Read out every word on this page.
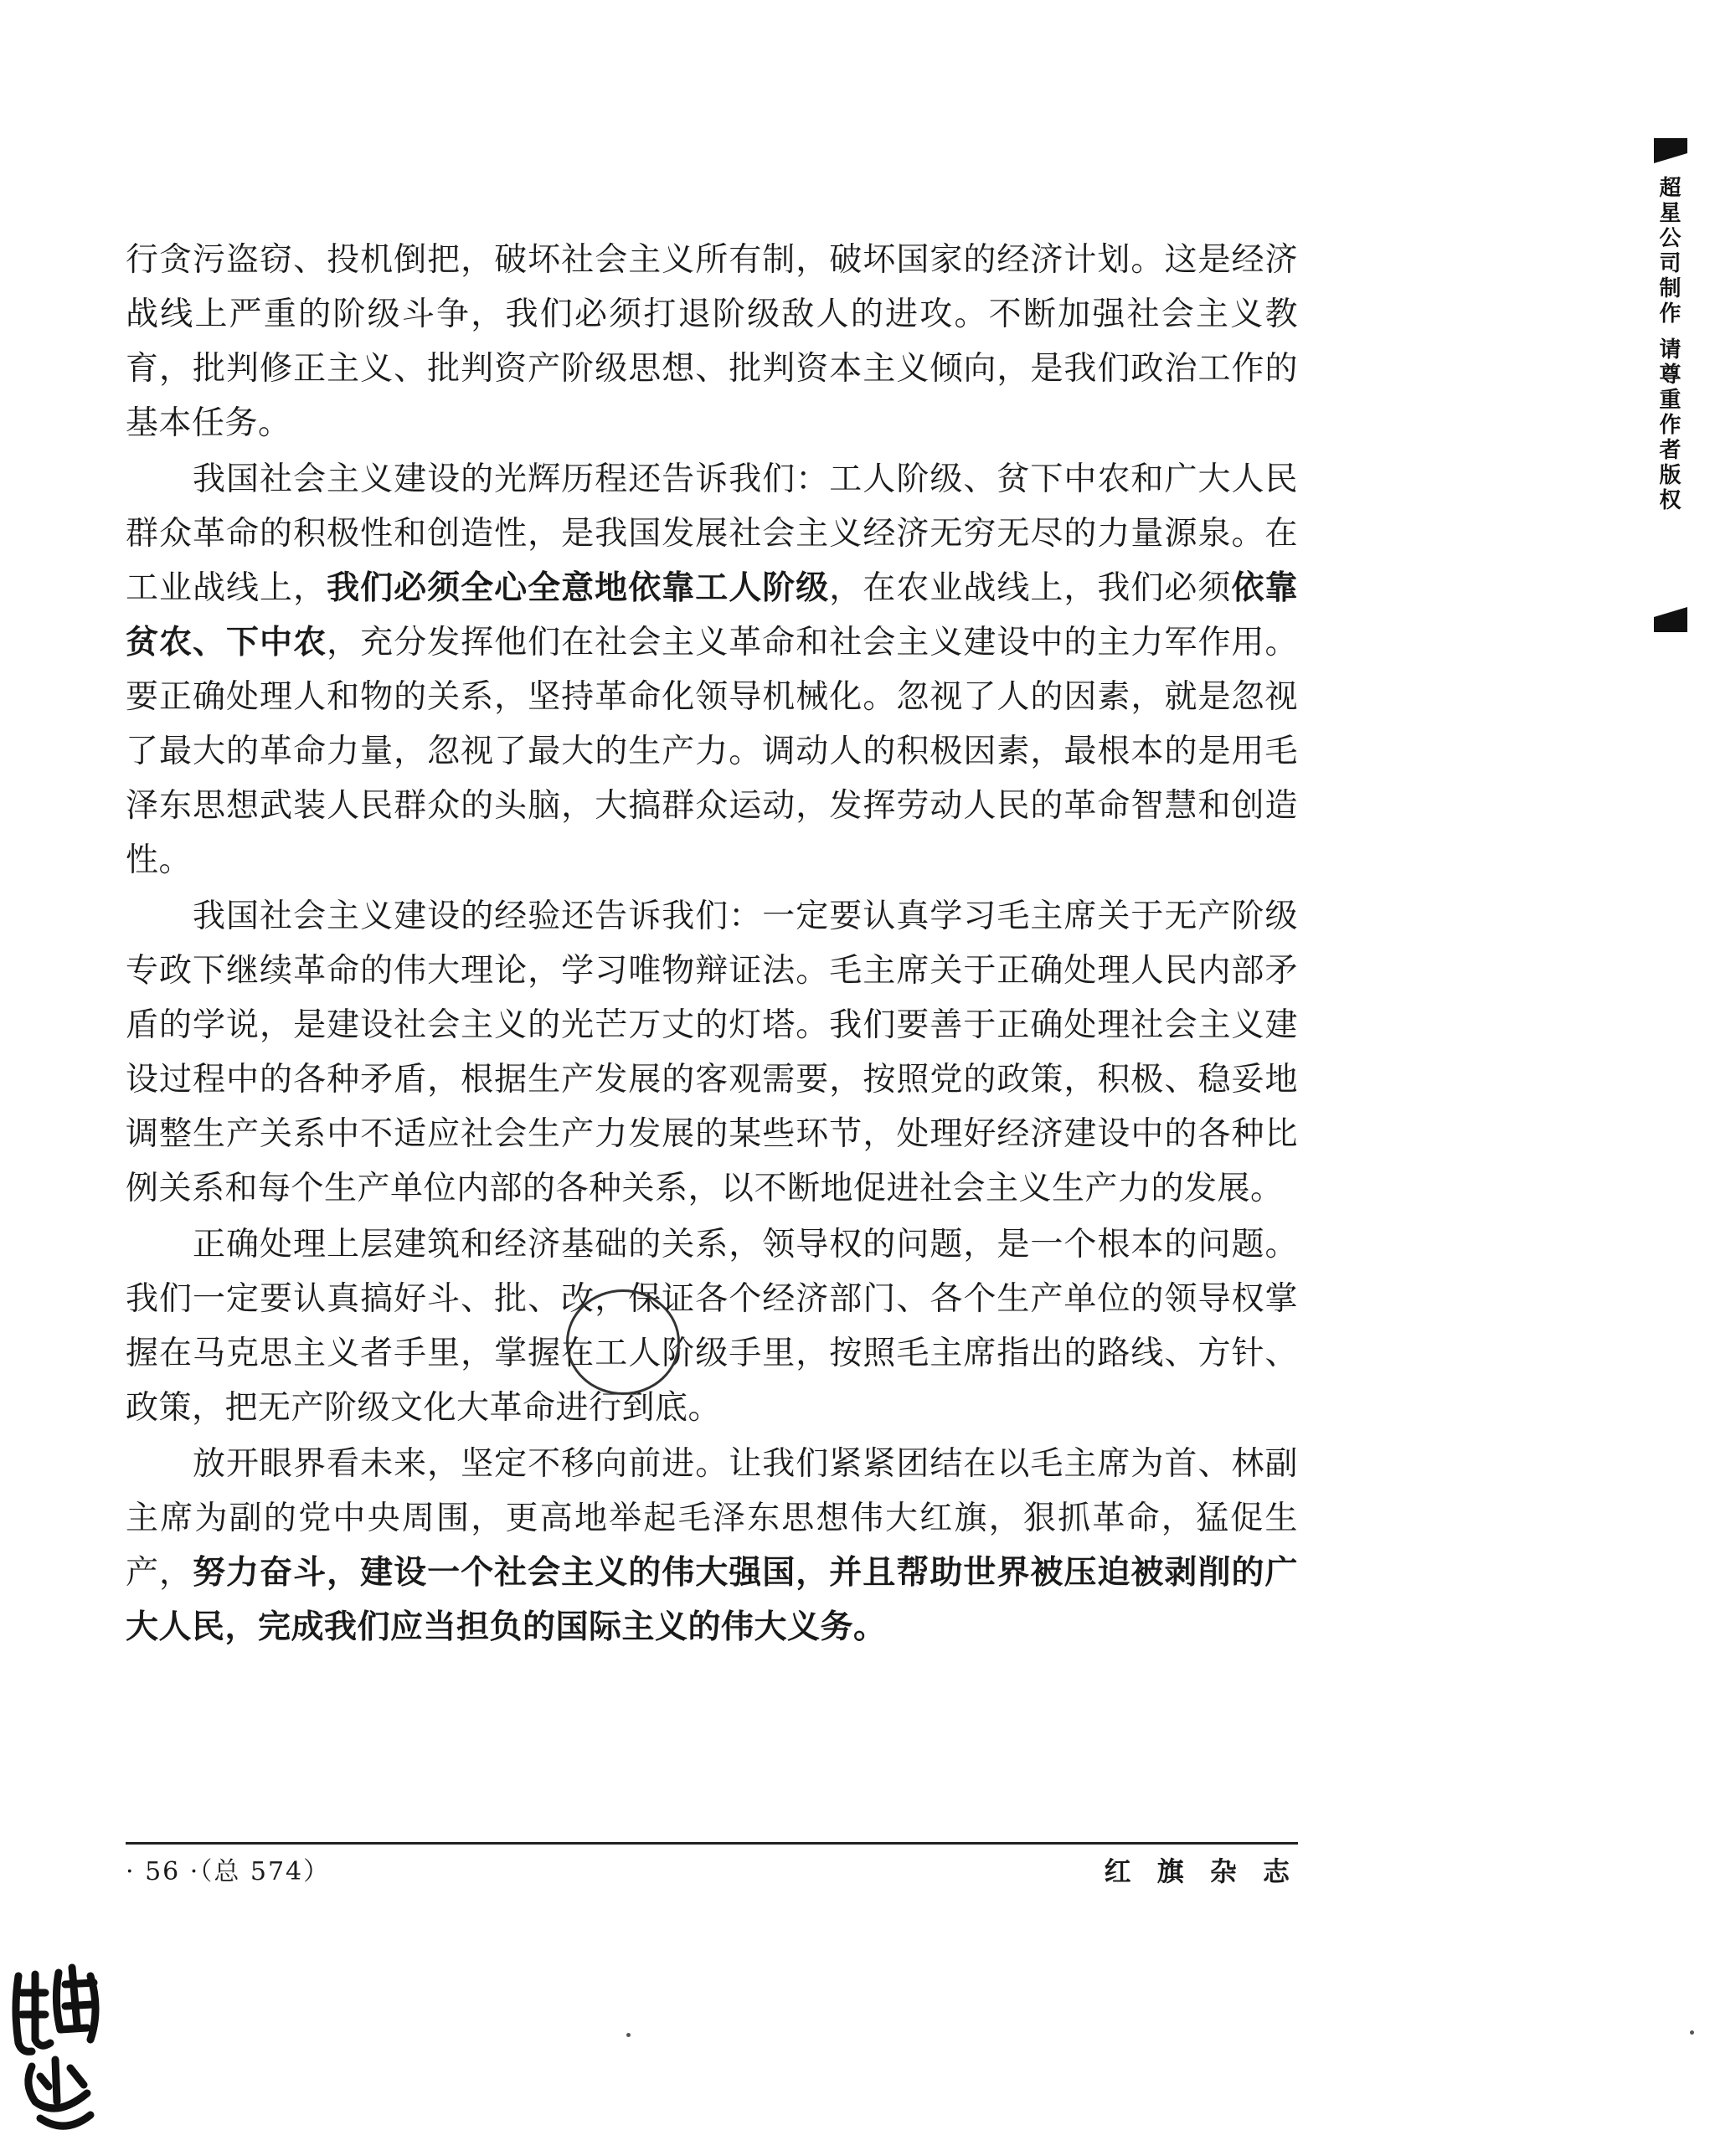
行贪污盗窃、投机倒把，破坏社会主义所有制，破坏国家的经济计划。这是经济战线上严重的阶级斗争，我们必须打退阶级敌人的进攻。不断加强社会主义教育，批判修正主义、批判资产阶级思想、批判资本主义倾向，是我们政治工作的基本任务。

我国社会主义建设的光辉历程还告诉我们：工人阶级、贫下中农和广大人民群众革命的积极性和创造性，是我国发展社会主义经济无穷无尽的力量源泉。在工业战线上，我们必须全心全意地依靠工人阶级，在农业战线上，我们必须依靠贫农、下中农，充分发挥他们在社会主义革命和社会主义建设中的主力军作用。要正确处理人和物的关系，坚持革命化领导机械化。忽视了人的因素，就是忽视了最大的革命力量，忽视了最大的生产力。调动人的积极因素，最根本的是用毛泽东思想武装人民群众的头脑，大搞群众运动，发挥劳动人民的革命智慧和创造性。

我国社会主义建设的经验还告诉我们：一定要认真学习毛主席关于无产阶级专政下继续革命的伟大理论，学习唯物辩证法。毛主席关于正确处理人民内部矛盾的学说，是建设社会主义的光芒万丈的灯塔。我们要善于正确处理社会主义建设过程中的各种矛盾，根据生产发展的客观需要，按照党的政策，积极、稳妥地调整生产关系中不适应社会生产力发展的某些环节，处理好经济建设中的各种比例关系和每个生产单位内部的各种关系，以不断地促进社会主义生产力的发展。

正确处理上层建筑和经济基础的关系，领导权的问题，是一个根本的问题。我们一定要认真搞好斗、批、改，保证各个经济部门、各个生产单位的领导权掌握在马克思主义者手里，掌握在工人阶级手里，按照毛主席指出的路线、方针、政策，把无产阶级文化大革命进行到底。

放开眼界看未来，坚定不移向前进。让我们紧紧团结在以毛主席为首、林副主席为副的党中央周围，更高地举起毛泽东思想伟大红旗，狠抓革命，猛促生产，努力奋斗，建设一个社会主义的伟大强国，并且帮助世界被压迫被剥削的广大人民，完成我们应当担负的国际主义的伟大义务。

· 56 ·（总 574）	红 旗 杂 志
超星公司制作 请尊重作者版权
